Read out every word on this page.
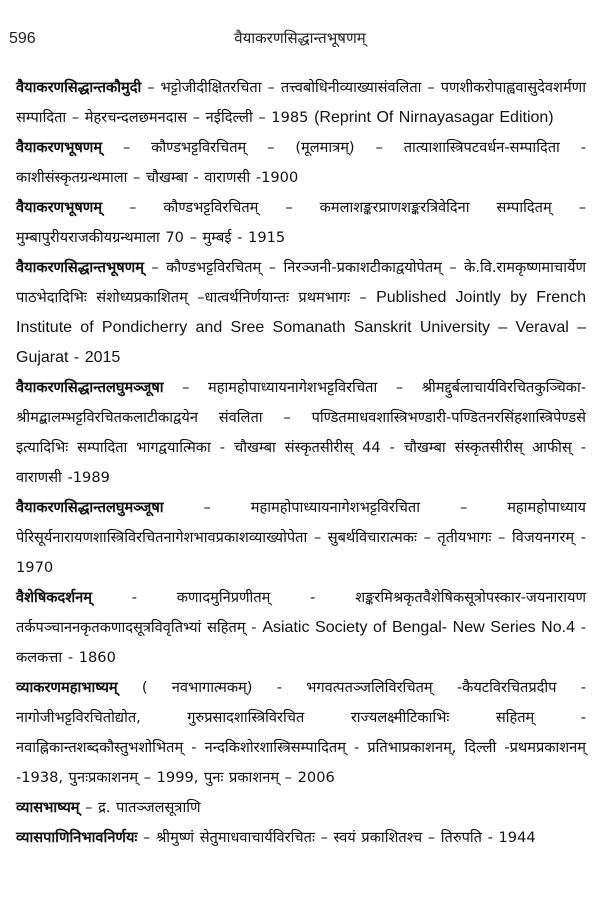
596	वैयाकरणसिद्धान्तभूषणम्

वैयाकरणसिद्धान्तकौमुदी – भट्टोजीदीक्षितरचिता – तत्त्वबोधिनीव्याख्यासंवलिता – पणशीकरोपाह्ववासुदेवशर्मणा सम्पादिता – मेहरचन्दलछमनदास – नईदिल्ली – 1985 (Reprint Of Nirnayasagar Edition)

वैयाकरणभूषणम् – कौण्डभट्टविरचितम् – (मूलमात्रम्) – तात्याशास्त्रिपटवर्धन-सम्पादिता - काशीसंस्कृतग्रन्थमाला – चौखम्बा - वाराणसी -1900

वैयाकरणभूषणम् – कौण्डभट्टविरचितम् – कमलाशङ्करप्राणशङ्करत्रिवेदिना सम्पादितम् – मुम्बापुरीयराजकीयग्रन्थमाला 70 – मुम्बई - 1915

वैयाकरणसिद्धान्तभूषणम् – कौण्डभट्टविरचितम् – निरञ्जनी-प्रकाशटीकाद्वयोपेतम् – के.वि.रामकृष्णमाचार्येण पाठभेदादिभिः संशोध्यप्रकाशितम् –धात्वर्थनिर्णयान्तः प्रथमभागः – Published Jointly by French Institute of Pondicherry and Sree Somanath Sanskrit University – Veraval – Gujarat - 2015

वैयाकरणसिद्धान्तलघुमञ्जूषा – महामहोपाध्यायनागेशभट्टविरचिता – श्रीमद्दुर्बलाचार्यविरचितकुञ्चिका-श्रीमद्बालम्भट्टविरचितकलाटीकाद्वयेन संवलिता – पण्डितमाधवशास्त्रिभण्डारी-पण्डितनरसिंहशास्त्रिपेण्डसे इत्यादिभिः सम्पादिता भागद्वयात्मिका - चौखम्बा संस्कृतसीरीस् 44 - चौखम्बा संस्कृतसीरीस् आफीस् - वाराणसी -1989

वैयाकरणसिद्धान्तलघुमञ्जूषा – महामहोपाध्यायनागेशभट्टविरचिता – महामहोपाध्याय पेरिसूर्यनारायणशास्त्रिविरचितनागेशभावप्रकाशव्याख्योपेता – सुबर्थविचारात्मकः – तृतीयभागः – विजयनगरम् - 1970

वैशेषिकदर्शनम् - कणादमुनिप्रणीतम् - शङ्करमिश्रकृतवैशेषिकसूत्रोपस्कार-जयनारायण तर्कपञ्चाननकृतकणादसूत्रविवृतिभ्यां सहितम् - Asiatic Society of Bengal- New Series No.4 - कलकत्ता - 1860

व्याकरणमहाभाष्यम् ( नवभागात्मकम्) - भगवत्पतञ्जलिविरचितम् -कैयटविरचितप्रदीप - नागोजीभट्टविरचितोद्योत, गुरुप्रसादशास्त्रिविरचित राज्यलक्ष्मीटिकाभिः सहितम् - नवाह्निकान्तशब्दकौस्तुभशोभितम् - नन्दकिशोरशास्त्रिसम्पादितम् - प्रतिभाप्रकाशनम्, दिल्ली -प्रथमप्रकाशनम् -1938, पुनःप्रकाशनम् – 1999, पुनः प्रकाशनम् – 2006

व्यासभाष्यम् – द्र. पातञ्जलसूत्राणि

व्यासपाणिनिभावनिर्णयः – श्रीमुष्णं सेतुमाधवाचार्यविरचितः – स्वयं प्रकाशितश्च – तिरुपति - 1944
